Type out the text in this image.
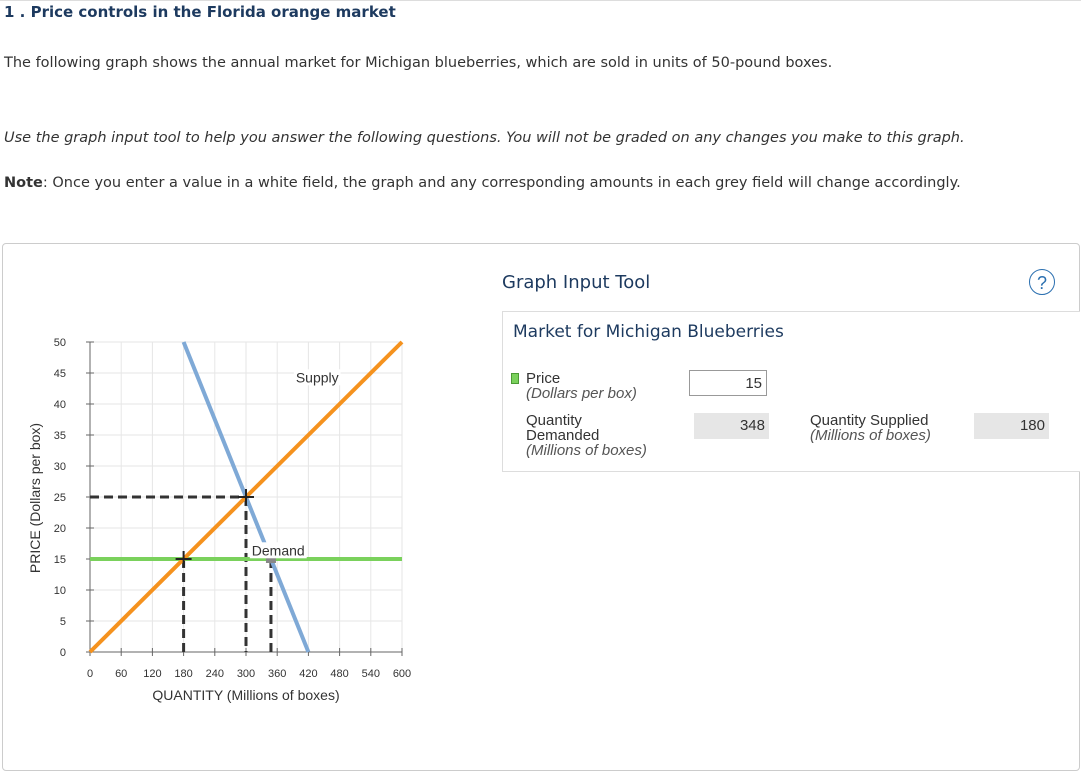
1 . Price controls in the Florida orange market
The following graph shows the annual market for Michigan blueberries, which are sold in units of 50-pound boxes.
Use the graph input tool to help you answer the following questions. You will not be graded on any changes you make to this graph.
Note: Once you enter a value in a white field, the graph and any corresponding amounts in each grey field will change accordingly.
0
5
10
15
20
25
30
35
40
45
50
0 60 120 180 240 300 360 420 480 540 600
QUANTITY (Millions of boxes)
PRICE (Dollars per box)
Supply
Demand
Graph Input Tool	?
Market for Michigan Blueberries
Price
(Dollars per box)
15
Quantity
Demanded
(Millions of boxes)
348	Quantity Supplied
(Millions of boxes)
180
